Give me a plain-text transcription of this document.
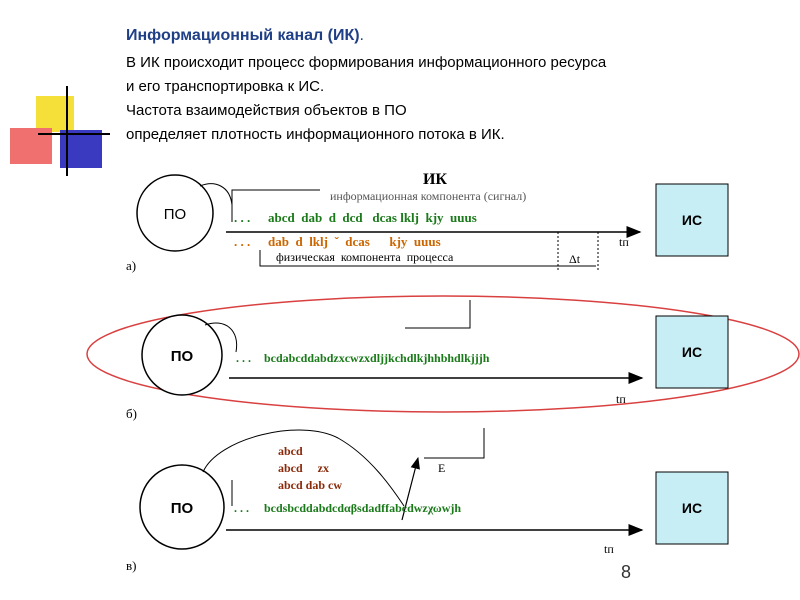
Информационный канал (ИК).
В ИК происходит процесс формирования информационного ресурса
и его транспортировка к ИС.
Частота взаимодействия объектов в ПО
определяет плотность информационного потока в ИК.
ИК
ПО
информационная компонента (сигнал)
. . . abcd  dab  d  dcd   dcas lklj  kjy  uuus
. . . dab  d  lklj  ˇ  dcas      kjy  uuus
физическая  компонента  процесса	Δt
tп
а)
ИС
ПО	. . . bcdabcddabdzxcwzxdljjkchdlkjhhbhdlkjjjh
tп
б)
ИС
ПО
abcd
abcd     zx
abcd dab cw
E
. . . bcdsbcddabdcdαβsdadffabcdwzχωwjh
tп
в)
ИС
8
